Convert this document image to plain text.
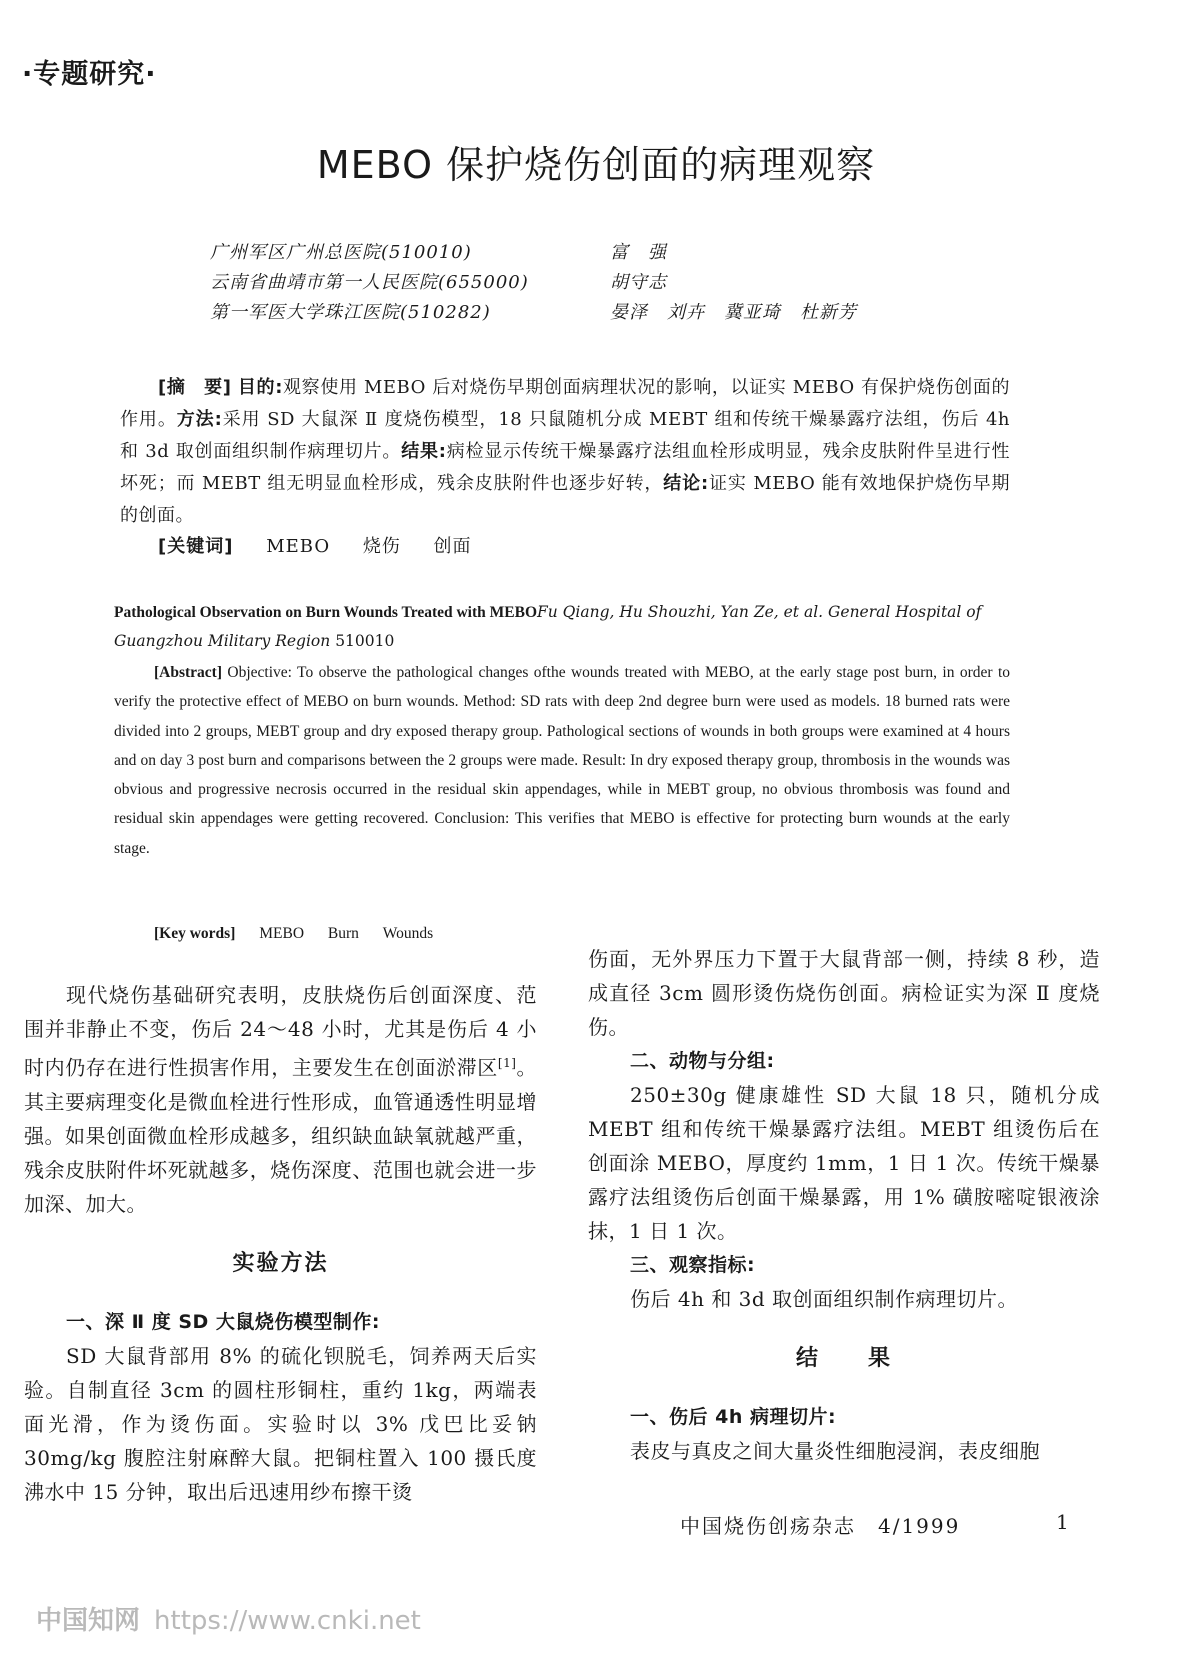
·专题研究·
MEBO 保护烧伤创面的病理观察
广州军区广州总医院(510010)	富　强
云南省曲靖市第一人民医院(655000)	胡守志
第一军医大学珠江医院(510282)	晏泽　刘卉　冀亚琦　杜新芳

[摘　要] 目的:观察使用 MEBO 后对烧伤早期创面病理状况的影响，以证实 MEBO 有保护烧伤创面的作用。方法:采用 SD 大鼠深 Ⅱ 度烧伤模型，18 只鼠随机分成 MEBT 组和传统干燥暴露疗法组，伤后 4h 和 3d 取创面组织制作病理切片。结果:病检显示传统干燥暴露疗法组血栓形成明显，残余皮肤附件呈进行性坏死；而 MEBT 组无明显血栓形成，残余皮肤附件也逐步好转，结论:证实 MEBO 能有效地保护烧伤早期的创面。

[关键词] MEBO 烧伤 创面
Pathological Observation on Burn Wounds Treated with MEBOFu Qiang, Hu Shouzhi, Yan Ze, et al. General Hospital of Guangzhou Military Region 510010

[Abstract] Objective: To observe the pathological changes ofthe wounds treated with MEBO, at the early stage post burn, in order to verify the protective effect of MEBO on burn wounds. Method: SD rats with deep 2nd degree burn were used as models. 18 burned rats were divided into 2 groups, MEBT group and dry exposed therapy group. Pathological sections of wounds in both groups were examined at 4 hours and on day 3 post burn and comparisons between the 2 groups were made. Result: In dry exposed therapy group, thrombosis in the wounds was obvious and progressive necrosis occurred in the residual skin appendages, while in MEBT group, no obvious thrombosis was found and residual skin appendages were getting recovered. Conclusion: This verifies that MEBO is effective for protecting burn wounds at the early stage.

[Key words] MEBO Burn Wounds

现代烧伤基础研究表明，皮肤烧伤后创面深度、范围并非静止不变，伤后 24～48 小时，尤其是伤后 4 小时内仍存在进行性损害作用，主要发生在创面淤滞区[1]。其主要病理变化是微血栓进行性形成，血管通透性明显增强。如果创面微血栓形成越多，组织缺血缺氧就越严重，残余皮肤附件坏死就越多，烧伤深度、范围也就会进一步加深、加大。

实验方法

一、深 Ⅱ 度 SD 大鼠烧伤模型制作:

SD 大鼠背部用 8% 的硫化钡脱毛，饲养两天后实验。自制直径 3cm 的圆柱形铜柱，重约 1kg，两端表面光滑，作为烫伤面。实验时以 3% 戊巴比妥钠 30mg/kg 腹腔注射麻醉大鼠。把铜柱置入 100 摄氏度沸水中 15 分钟，取出后迅速用纱布擦干烫

伤面，无外界压力下置于大鼠背部一侧，持续 8 秒，造成直径 3cm 圆形烫伤烧伤创面。病检证实为深 Ⅱ 度烧伤。

二、动物与分组:

250±30g 健康雄性 SD 大鼠 18 只，随机分成 MEBT 组和传统干燥暴露疗法组。MEBT 组烫伤后在创面涂 MEBO，厚度约 1mm，1 日 1 次。传统干燥暴露疗法组烫伤后创面干燥暴露，用 1% 磺胺嘧啶银液涂抹，1 日 1 次。

三、观察指标:

伤后 4h 和 3d 取创面组织制作病理切片。

结　　果

一、伤后 4h 病理切片:

表皮与真皮之间大量炎性细胞浸润，表皮细胞

中国烧伤创疡杂志　4/1999	1
中国知网 https://www.cnki.net
